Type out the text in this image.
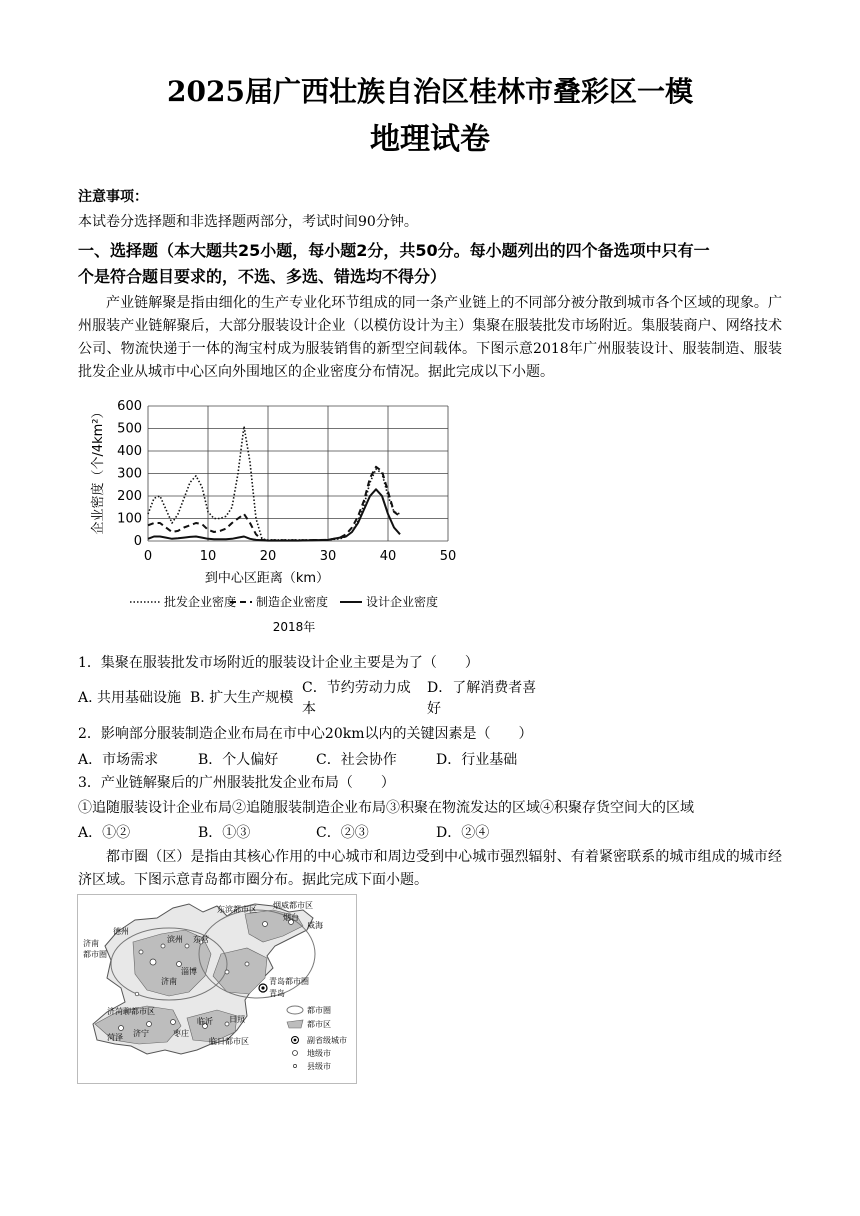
2025届广西壮族自治区桂林市叠彩区一模
地理试卷
注意事项：
本试卷分选择题和非选择题两部分，考试时间90分钟。
一、选择题（本大题共25小题，每小题2分，共50分。每小题列出的四个备选项中只有一
个是符合题目要求的，不选、多选、错选均不得分）
产业链解聚是指由细化的生产专业化环节组成的同一条产业链上的不同部分被分散到城市各个区域的现象。广州服装产业链解聚后，大部分服装设计企业（以模仿设计为主）集聚在服装批发市场附近。集服装商户、网络技术公司、物流快递于一体的淘宝村成为服装销售的新型空间载体。下图示意2018年广州服装设计、服装制造、服装批发企业从城市中心区向外围地区的企业密度分布情况。据此完成以下小题。
0
100
200
300
400
500
600
0	10	20	30	40	50
企业密度（个/4km²）
到中心区距离（km）
批发企业密度 制造企业密度	设计企业密度
2018年
1．集聚在服装批发市场附近的服装设计企业主要是为了（　　）
A. 共用基础设施 B. 扩大生产规模
C．节约劳动力成
本
D．了解消费者喜
好
2．影响部分服装制造企业布局在市中心20km以内的关键因素是（　　）
A．市场需求	B．个人偏好	C．社会协作	D．行业基础
3．产业链解聚后的广州服装批发企业布局（　　）
①追随服装设计企业布局②追随服装制造企业布局③积聚在物流发达的区域④积聚存货空间大的区域
A．①②	B．①③	C．②③	D．②④
都市圈（区）是指由其核心作用的中心城市和周边受到中心城市强烈辐射、有着紧密联系的城市组成的城市经济区域。下图示意青岛都市圈分布。据此完成下面小题。
东滨都市区 烟威都市区
烟台
威海
德州
滨州 东营
济南
都市圈
济南
淄博
青岛都市圈
青岛
济菏聊都市区
菏泽 济宁	枣庄
临沂 日照
临日都市区
都市圈
都市区
副省级城市
地级市
县级市
